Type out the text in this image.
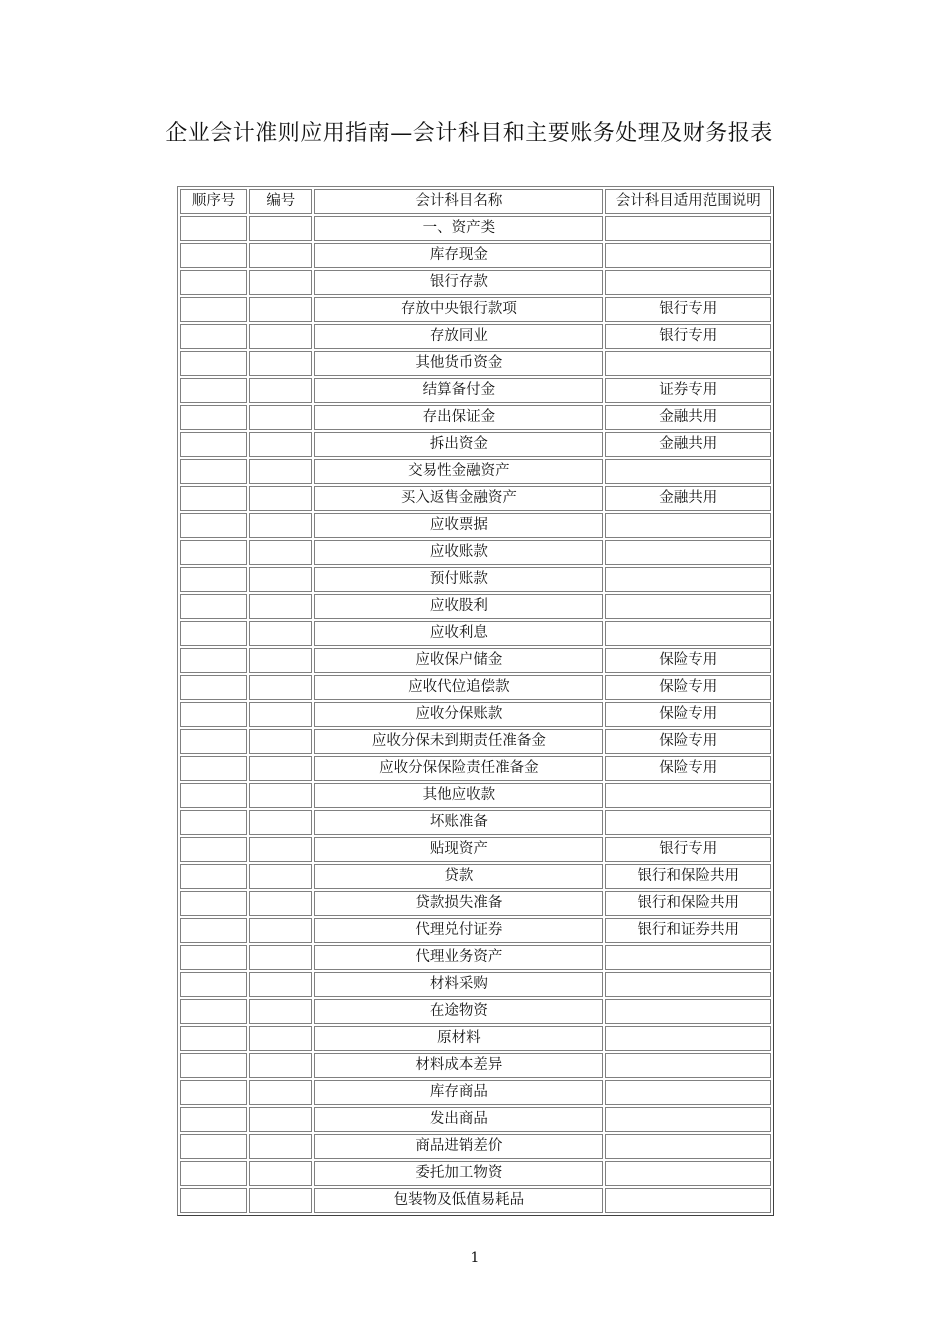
企业会计准则应用指南—会计科目和主要账务处理及财务报表
顺序号	编号	会计科目名称	会计科目适用范围说明
		一、资产类	
		库存现金	
		银行存款	
		存放中央银行款项	银行专用
		存放同业	银行专用
		其他货币资金	
		结算备付金	证券专用
		存出保证金	金融共用
		拆出资金	金融共用
		交易性金融资产	
		买入返售金融资产	金融共用
		应收票据	
		应收账款	
		预付账款	
		应收股利	
		应收利息	
		应收保户储金	保险专用
		应收代位追偿款	保险专用
		应收分保账款	保险专用
		应收分保未到期责任准备金	保险专用
		应收分保保险责任准备金	保险专用
		其他应收款	
		坏账准备	
		贴现资产	银行专用
		贷款	银行和保险共用
		贷款损失准备	银行和保险共用
		代理兑付证券	银行和证券共用
		代理业务资产	
		材料采购	
		在途物资	
		原材料	
		材料成本差异	
		库存商品	
		发出商品	
		商品进销差价	
		委托加工物资	
		包装物及低值易耗品	
1
